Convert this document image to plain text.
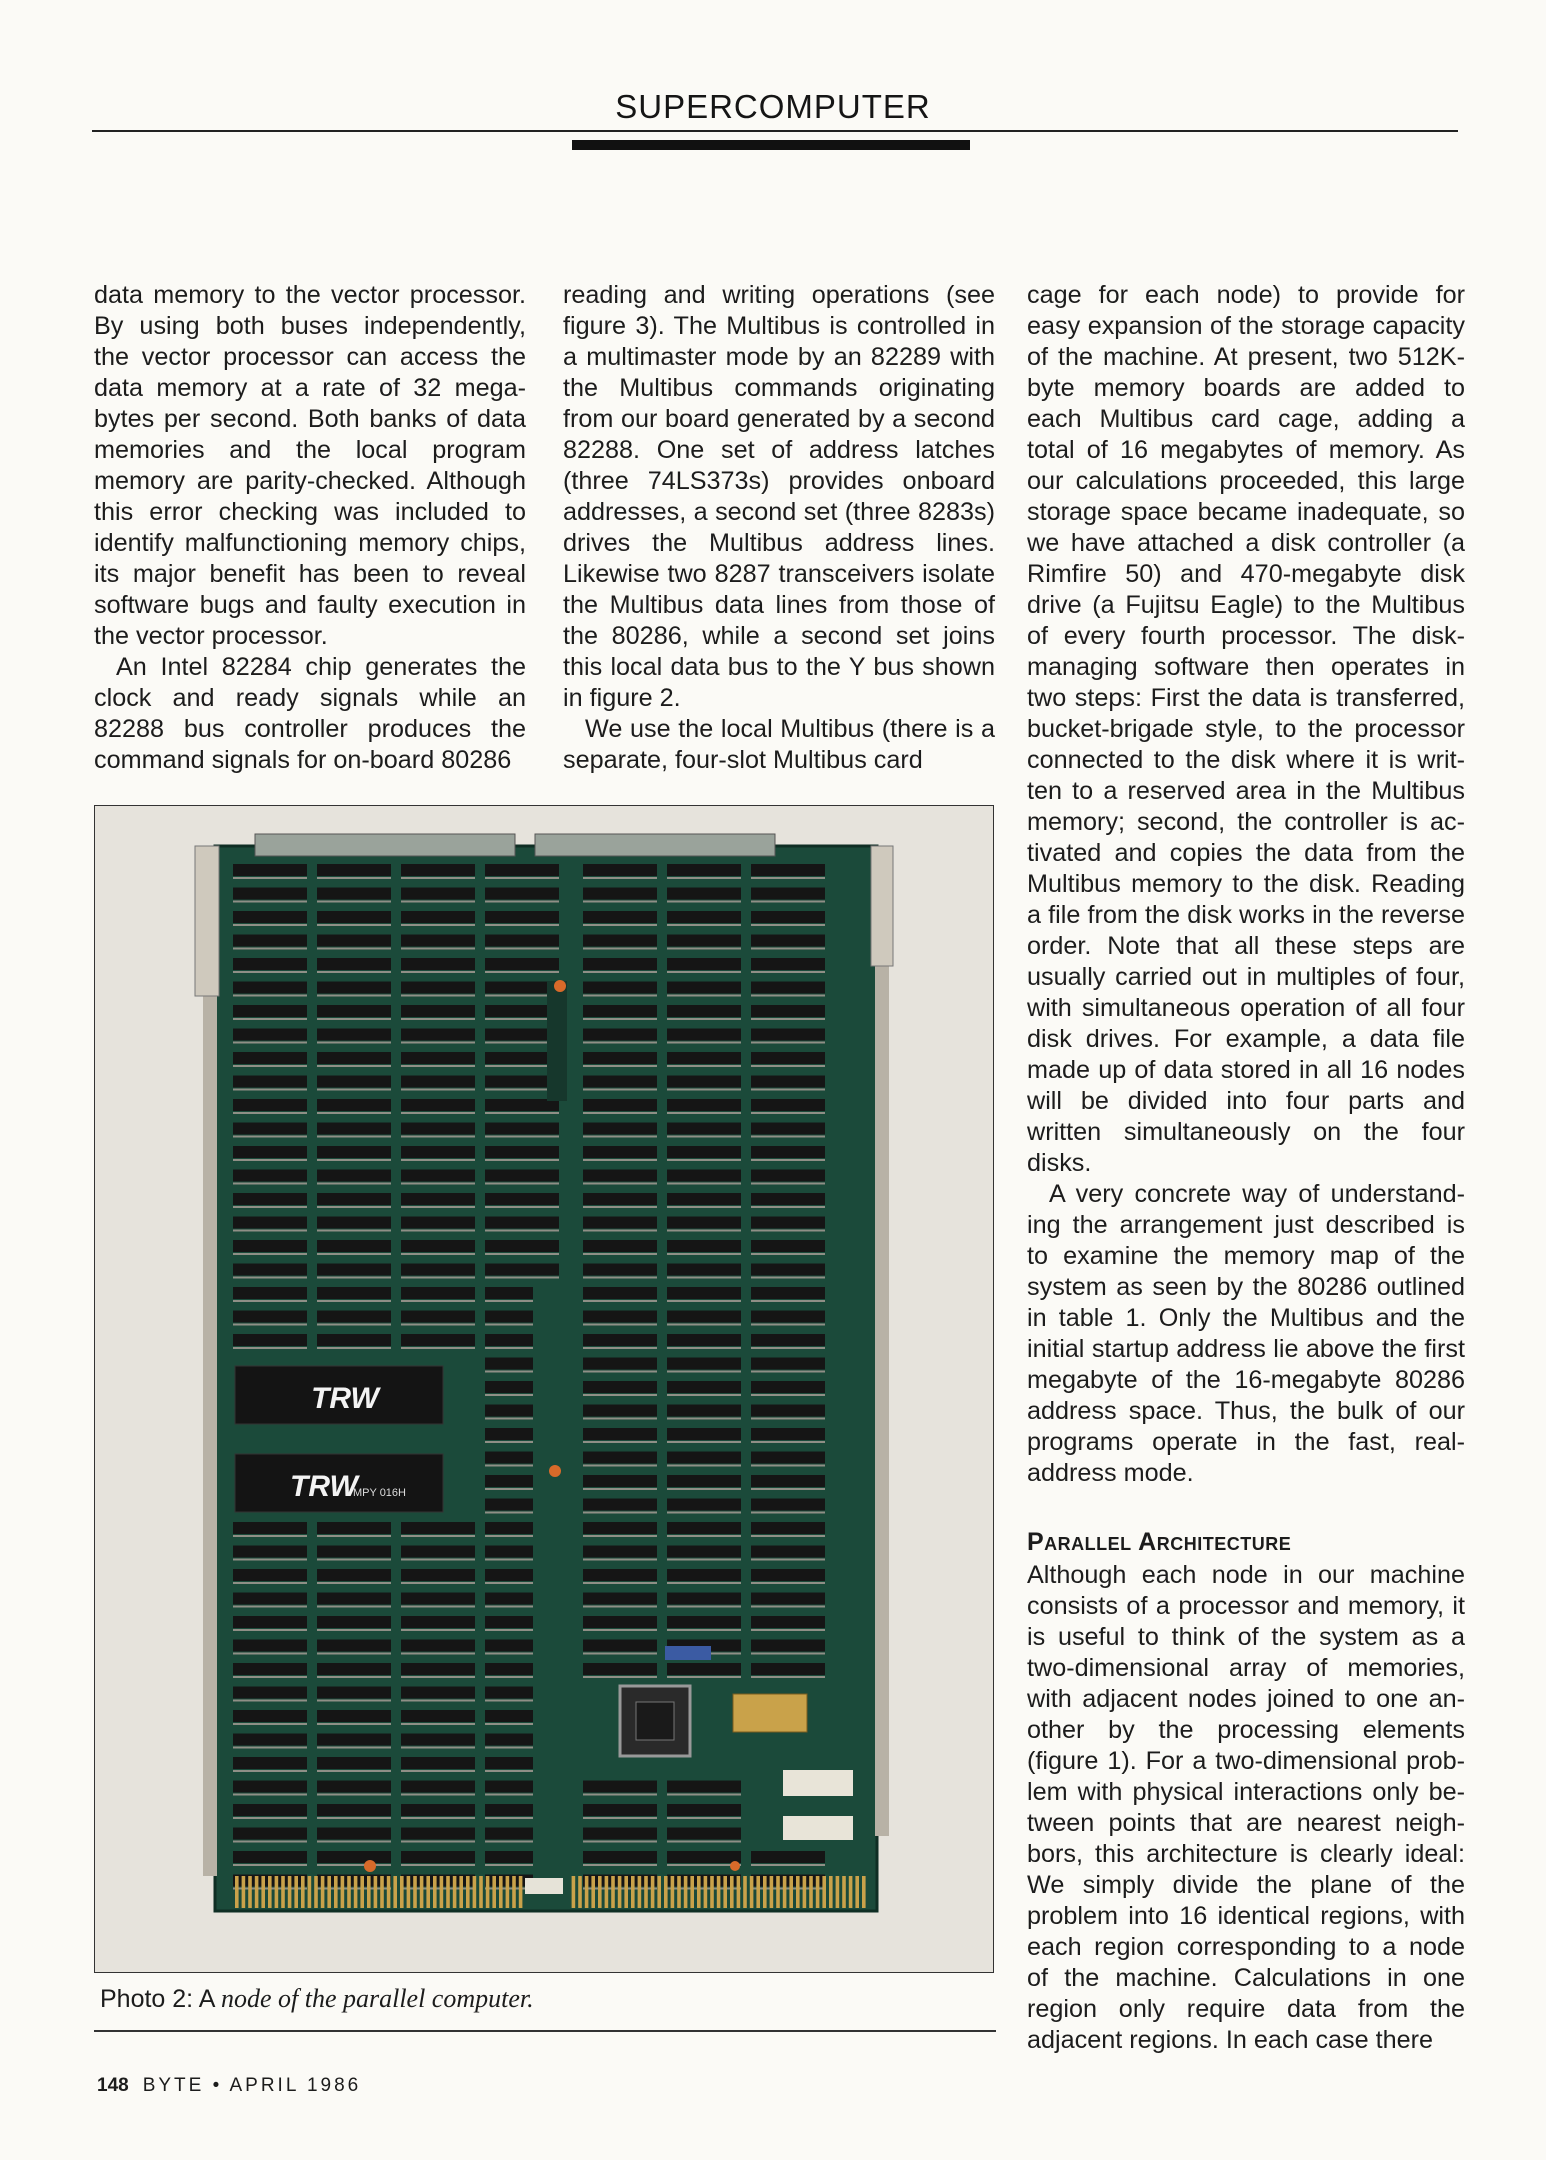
SUPERCOMPUTER

data memory to the vector processor. By using both buses independently, the vector processor can access the data memory at a rate of 32 megabytes per second. Both banks of data memories and the local program memory are parity-checked. Although this error checking was included to identify malfunctioning memory chips, its major benefit has been to reveal software bugs and faulty execution in the vector processor.

An Intel 82284 chip generates the clock and ready signals while an 82288 bus controller produces the command signals for on-board 80286

reading and writing operations (see figure 3). The Multibus is controlled in a multimaster mode by an 82289 with the Multibus commands originating from our board generated by a second 82288. One set of address latches (three 74LS373s) provides onboard addresses, a second set (three 8283s) drives the Multibus address lines. Likewise two 8287 transceivers isolate the Multibus data lines from those of the 80286, while a second set joins this local data bus to the Y bus shown in figure 2.

We use the local Multibus (there is a separate, four-slot Multibus card

cage for each node) to provide for easy expansion of the storage capacity of the machine. At present, two 512K-byte memory boards are added to each Multibus card cage, adding a total of 16 megabytes of memory. As our calculations proceeded, this large storage space became inadequate, so we have attached a disk controller (a Rimfire 50) and 470-megabyte disk drive (a Fujitsu Eagle) to the Multibus of every fourth processor. The disk-managing software then operates in two steps: First the data is transferred, bucket-brigade style, to the processor connected to the disk where it is written to a reserved area in the Multibus memory; second, the controller is activated and copies the data from the Multibus memory to the disk. Reading a file from the disk works in the reverse order. Note that all these steps are usually carried out in multiples of four, with simultaneous operation of all four disk drives. For example, a data file made up of data stored in all 16 nodes will be divided into four parts and written simultaneously on the four disks.

A very concrete way of understanding the arrangement just described is to examine the memory map of the system as seen by the 80286 outlined in table 1. Only the Multibus and the initial startup address lie above the first megabyte of the 16-megabyte 80286 address space. Thus, the bulk of our programs operate in the fast, real-address mode.

Parallel Architecture

Although each node in our machine consists of a processor and memory, it is useful to think of the system as a two-dimensional array of memories, with adjacent nodes joined to one another by the processing elements (figure 1). For a two-dimensional problem with physical interactions only between points that are nearest neighbors, this architecture is clearly ideal: We simply divide the plane of the problem into 16 identical regions, with each region corresponding to a node of the machine. Calculations in one region only require data from the adjacent regions. In each case there

TRW
TRW
MPY 016H
Photo 2: A node of the parallel computer.
148 BYTE • APRIL 1986
